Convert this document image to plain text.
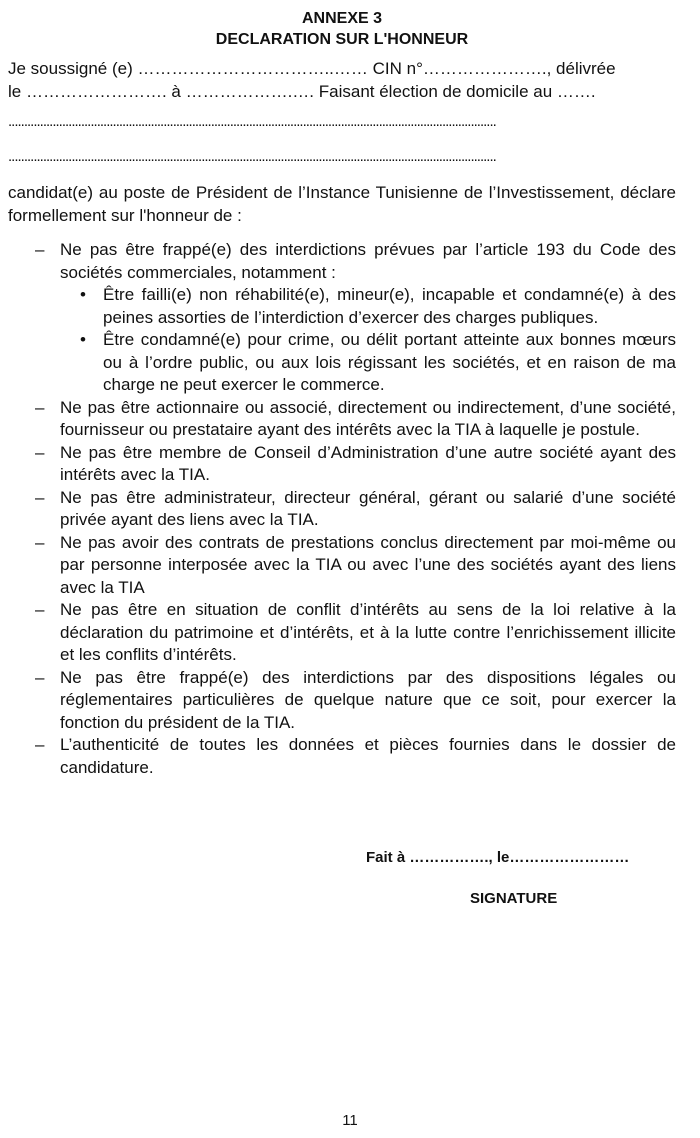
ANNEXE 3

DECLARATION SUR L'HONNEUR

Je soussigné (e) ……………………………..…… CIN n°…………………., délivrée

le ……………………. à ……………….…. Faisant élection de domicile au …….

..........................................................................................................................................................

..........................................................................................................................................................

candidat(e) au poste de Président de l’Instance Tunisienne de l’Investissement, déclare formellement sur l'honneur de :

– Ne pas être frappé(e) des interdictions prévues par l’article 193 du Code des sociétés commerciales, notamment :
• Être failli(e) non réhabilité(e), mineur(e), incapable et condamné(e) à des peines assorties de l’interdiction d’exercer des charges publiques.
• Être condamné(e) pour crime, ou délit portant atteinte aux bonnes mœurs ou à l’ordre public, ou aux lois régissant les sociétés, et en raison de ma charge ne peut exercer le commerce.
– Ne pas être actionnaire ou associé, directement ou indirectement, d’une société, fournisseur ou prestataire ayant des intérêts avec la TIA à laquelle je postule.
– Ne pas être membre de Conseil d’Administration d’une autre société ayant des intérêts avec la TIA.
– Ne pas être administrateur, directeur général, gérant ou salarié d’une société privée ayant des liens avec la TIA.
– Ne pas avoir des contrats de prestations conclus directement par moi-même ou par personne interposée avec la TIA ou avec l’une des sociétés ayant des liens avec la TIA
– Ne pas être en situation de conflit d’intérêts au sens de la loi relative à la déclaration du patrimoine et d’intérêts, et à la lutte contre l’enrichissement illicite et les conflits d’intérêts.
– Ne pas être frappé(e) des interdictions par des dispositions légales ou réglementaires particulières de quelque nature que ce soit, pour exercer la fonction du président de la TIA.
– L’authenticité de toutes les données et pièces fournies dans le dossier de candidature.
Fait à ……………., le……………………
SIGNATURE
11
